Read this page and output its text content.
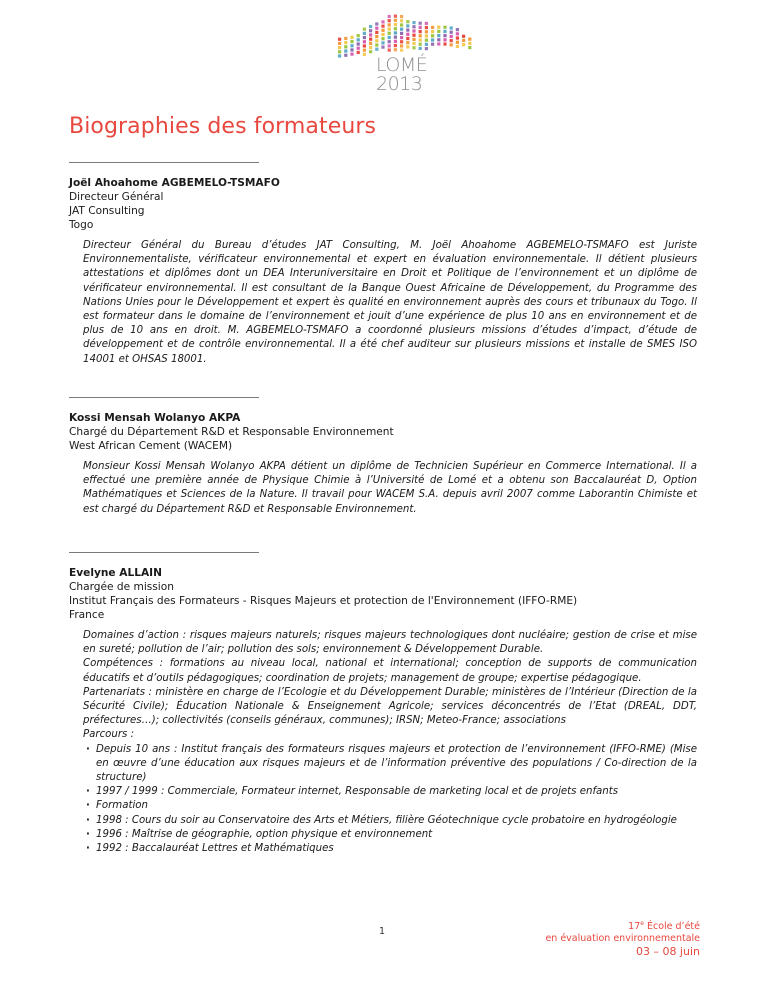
LOMÉ
2013
Biographies des formateurs
Joël Ahoahome AGBEMELO-TSMAFO
Directeur Général
JAT Consulting
Togo

Directeur Général du Bureau d’études JAT Consulting, M. Joël Ahoahome AGBEMELO-TSMAFO est Juriste Environnementaliste, vérificateur environnemental et expert en évaluation environnementale. Il détient plusieurs attestations et diplômes dont un DEA Interuniversitaire en Droit et Politique de l’environnement et un diplôme de vérificateur environnemental. Il est consultant de la Banque Ouest Africaine de Développement, du Programme des Nations Unies pour le Développement et expert ès qualité en environnement auprès des cours et tribunaux du Togo. Il est formateur dans le domaine de l’environnement et jouit d’une expérience de plus 10 ans en environnement et de plus de 10 ans en droit. M. AGBEMELO-TSMAFO a coordonné plusieurs missions d’études d’impact, d’étude de développement et de contrôle environnemental. Il a été chef auditeur sur plusieurs missions et installe de SMES ISO 14001 et OHSAS 18001.

Kossi Mensah Wolanyo AKPA
Chargé du Département R&D et Responsable Environnement
West African Cement (WACEM)

Monsieur Kossi Mensah Wolanyo AKPA détient un diplôme de Technicien Supérieur en Commerce International. Il a effectué une première année de Physique Chimie à l’Université de Lomé et a obtenu son Baccalauréat D, Option Mathématiques et Sciences de la Nature. Il travail pour WACEM S.A. depuis avril 2007 comme Laborantin Chimiste et est chargé du Département R&D et Responsable Environnement.

Evelyne ALLAIN
Chargée de mission
Institut Français des Formateurs - Risques Majeurs et protection de l'Environnement (IFFO-RME)
France

Domaines d’action : risques majeurs naturels; risques majeurs technologiques dont nucléaire; gestion de crise et mise en sureté; pollution de l’air; pollution des sols; environnement & Développement Durable.

Compétences : formations au niveau local, national et international; conception de supports de communication éducatifs et d’outils pédagogiques; coordination de projets; management de groupe; expertise pédagogique.

Partenariats : ministère en charge de l’Ecologie et du Développement Durable; ministères de l’Intérieur (Direction de la Sécurité Civile); Éducation Nationale & Enseignement Agricole; services déconcentrés de l’Etat (DREAL, DDT, préfectures…); collectivités (conseils généraux, communes); IRSN; Meteo-France; associations

Parcours :

· Depuis 10 ans : Institut français des formateurs risques majeurs et protection de l’environnement (IFFO-RME) (Mise en œuvre d’une éducation aux risques majeurs et de l’information préventive des populations / Co-direction de la structure)
· 1997 / 1999 : Commerciale, Formateur internet, Responsable de marketing local et de projets enfants
· Formation
· 1998 : Cours du soir au Conservatoire des Arts et Métiers, filière Géotechnique cycle probatoire en hydrogéologie
· 1996 : Maîtrise de géographie, option physique et environnement
· 1992 : Baccalauréat Lettres et Mathématiques
1	17e École d’été
en évaluation environnementale
03 – 08 juin
